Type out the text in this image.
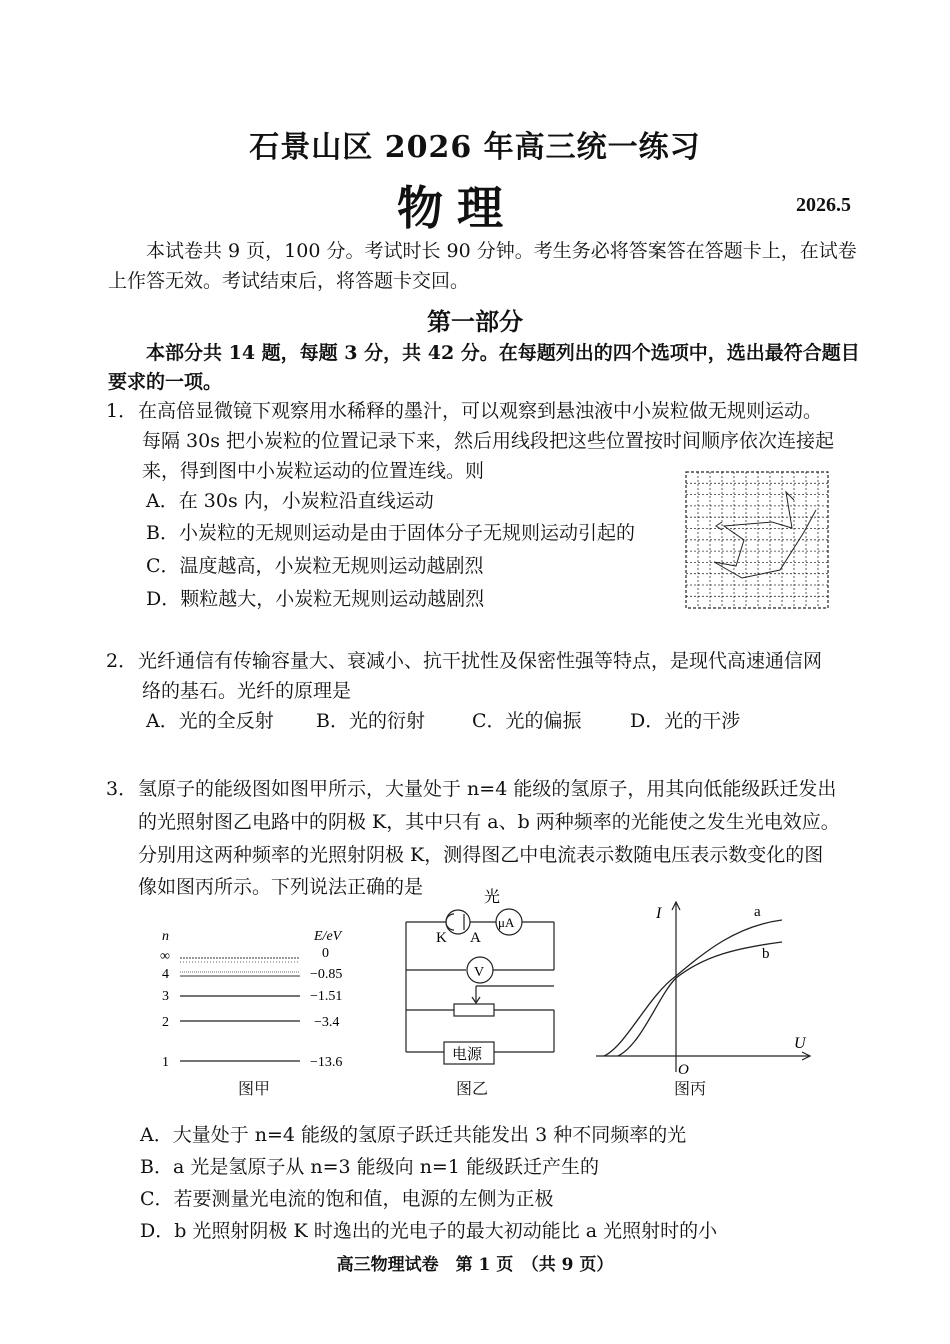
石景山区 2026 年高三统一练习
物理	2026.5
本试卷共 9 页，100 分。考试时长 90 分钟。考生务必将答案答在答题卡上，在试卷
上作答无效。考试结束后，将答题卡交回。
第一部分
本部分共 14 题，每题 3 分，共 42 分。在每题列出的四个选项中，选出最符合题目
要求的一项。
1． 在高倍显微镜下观察用水稀释的墨汁，可以观察到悬浊液中小炭粒做无规则运动。
每隔 30s 把小炭粒的位置记录下来，然后用线段把这些位置按时间顺序依次连接起
来，得到图中小炭粒运动的位置连线。则
A．在 30s 内，小炭粒沿直线运动
B．小炭粒的无规则运动是由于固体分子无规则运动引起的
C．温度越高，小炭粒无规则运动越剧烈
D．颗粒越大，小炭粒无规则运动越剧烈
2． 光纤通信有传输容量大、衰减小、抗干扰性及保密性强等特点，是现代高速通信网
络的基石。光纤的原理是
A．光的全反射 B．光的衍射 C．光的偏振	D．光的干涉
3． 氢原子的能级图如图甲所示，大量处于 n=4 能级的氢原子，用其向低能级跃迁发出
的光照射图乙电路中的阴极 K，其中只有 a、b 两种频率的光能使之发生光电效应。
分别用这两种频率的光照射阴极 K，测得图乙中电流表示数随电压表示数变化的图
像如图丙所示。下列说法正确的是
n	E/eV
∞	0
4	−0.85
3	−1.51
2	−3.4
1	−13.6
图甲
光
μA
K A
V
电源
图乙
I
U
O
a
b
图丙
A．大量处于 n=4 能级的氢原子跃迁共能发出 3 种不同频率的光
B．a 光是氢原子从 n=3 能级向 n=1 能级跃迁产生的
C．若要测量光电流的饱和值，电源的左侧为正极
D．b 光照射阴极 K 时逸出的光电子的最大初动能比 a 光照射时的小
高三物理试卷　第 1 页　（共 9 页）
